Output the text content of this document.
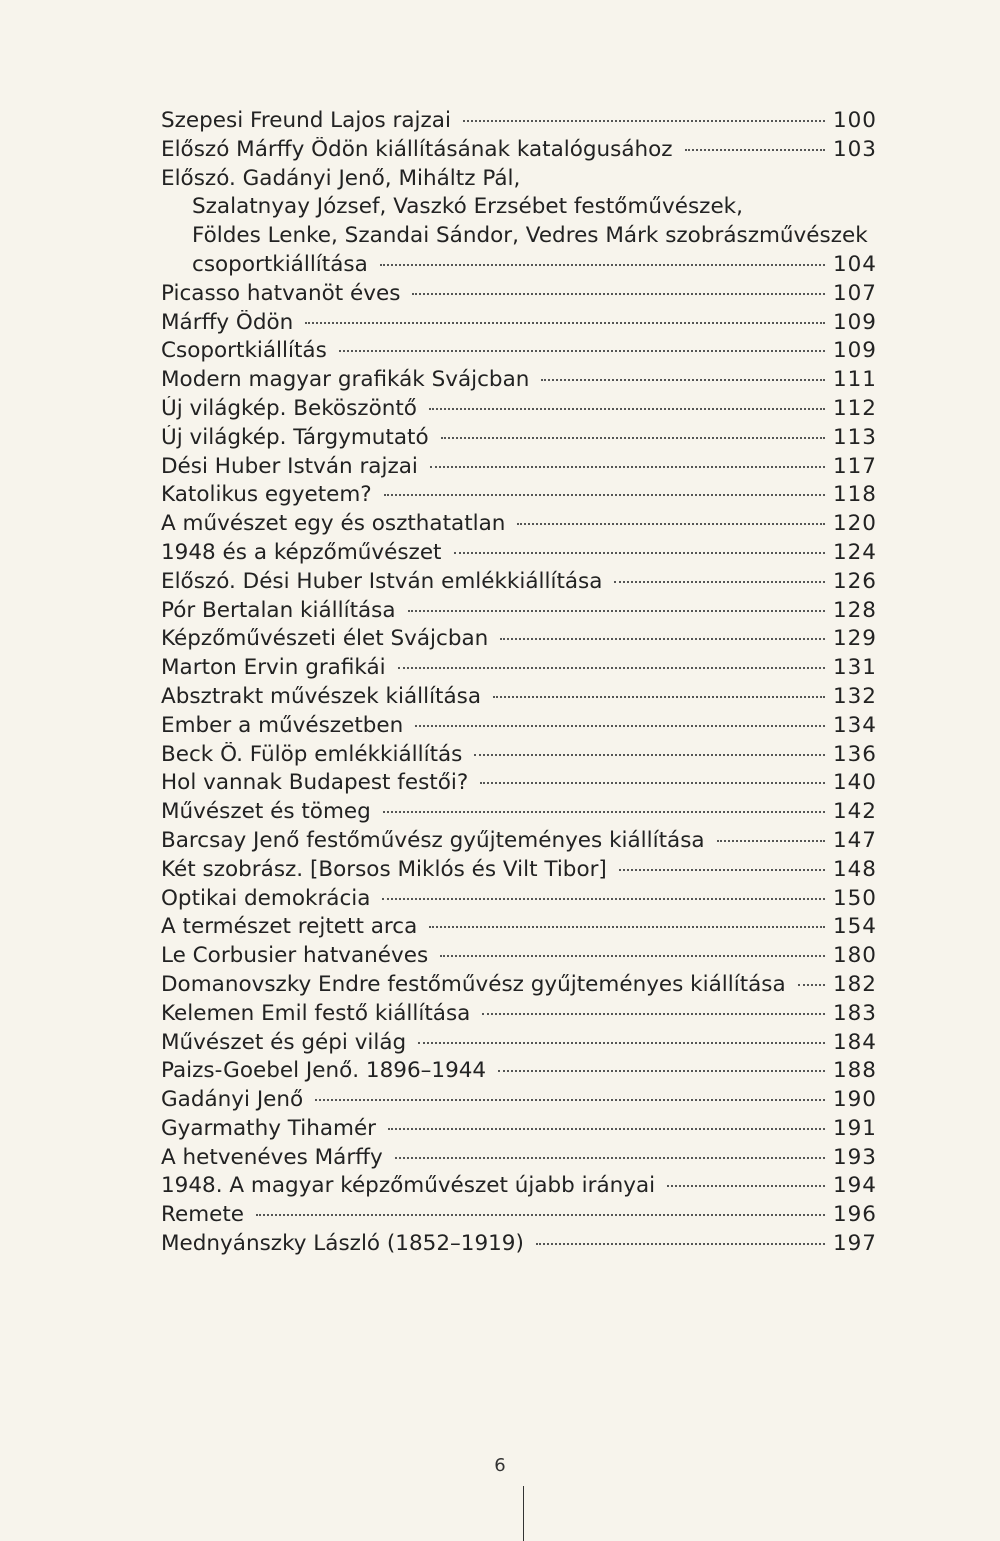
Szepesi Freund Lajos rajzai	100
Előszó Márffy Ödön kiállításának katalógusához	103
Előszó. Gadányi Jenő, Miháltz Pál,
Szalatnyay József, Vaszkó Erzsébet festőművészek,
Földes Lenke, Szandai Sándor, Vedres Márk szobrászművészek
csoportkiállítása	104
Picasso hatvanöt éves	107
Márffy Ödön	109
Csoportkiállítás	109
Modern magyar grafikák Svájcban	111
Új világkép. Beköszöntő	112
Új világkép. Tárgymutató	113
Dési Huber István rajzai	117
Katolikus egyetem?	118
A művészet egy és oszthatatlan	120
1948 és a képzőművészet	124
Előszó. Dési Huber István emlékkiállítása	126
Pór Bertalan kiállítása	128
Képzőművészeti élet Svájcban	129
Marton Ervin grafikái	131
Absztrakt művészek kiállítása	132
Ember a művészetben	134
Beck Ö. Fülöp emlékkiállítás	136
Hol vannak Budapest festői?	140
Művészet és tömeg	142
Barcsay Jenő festőművész gyűjteményes kiállítása	147
Két szobrász. [Borsos Miklós és Vilt Tibor]	148
Optikai demokrácia	150
A természet rejtett arca	154
Le Corbusier hatvanéves	180
Domanovszky Endre festőművész gyűjteményes kiállítása 182
Kelemen Emil festő kiállítása	183
Művészet és gépi világ	184
Paizs-Goebel Jenő. 1896–1944	188
Gadányi Jenő	190
Gyarmathy Tihamér	191
A hetvenéves Márffy	193
1948. A magyar képzőművészet újabb irányai	194
Remete	196
Mednyánszky László (1852–1919)	197
6
